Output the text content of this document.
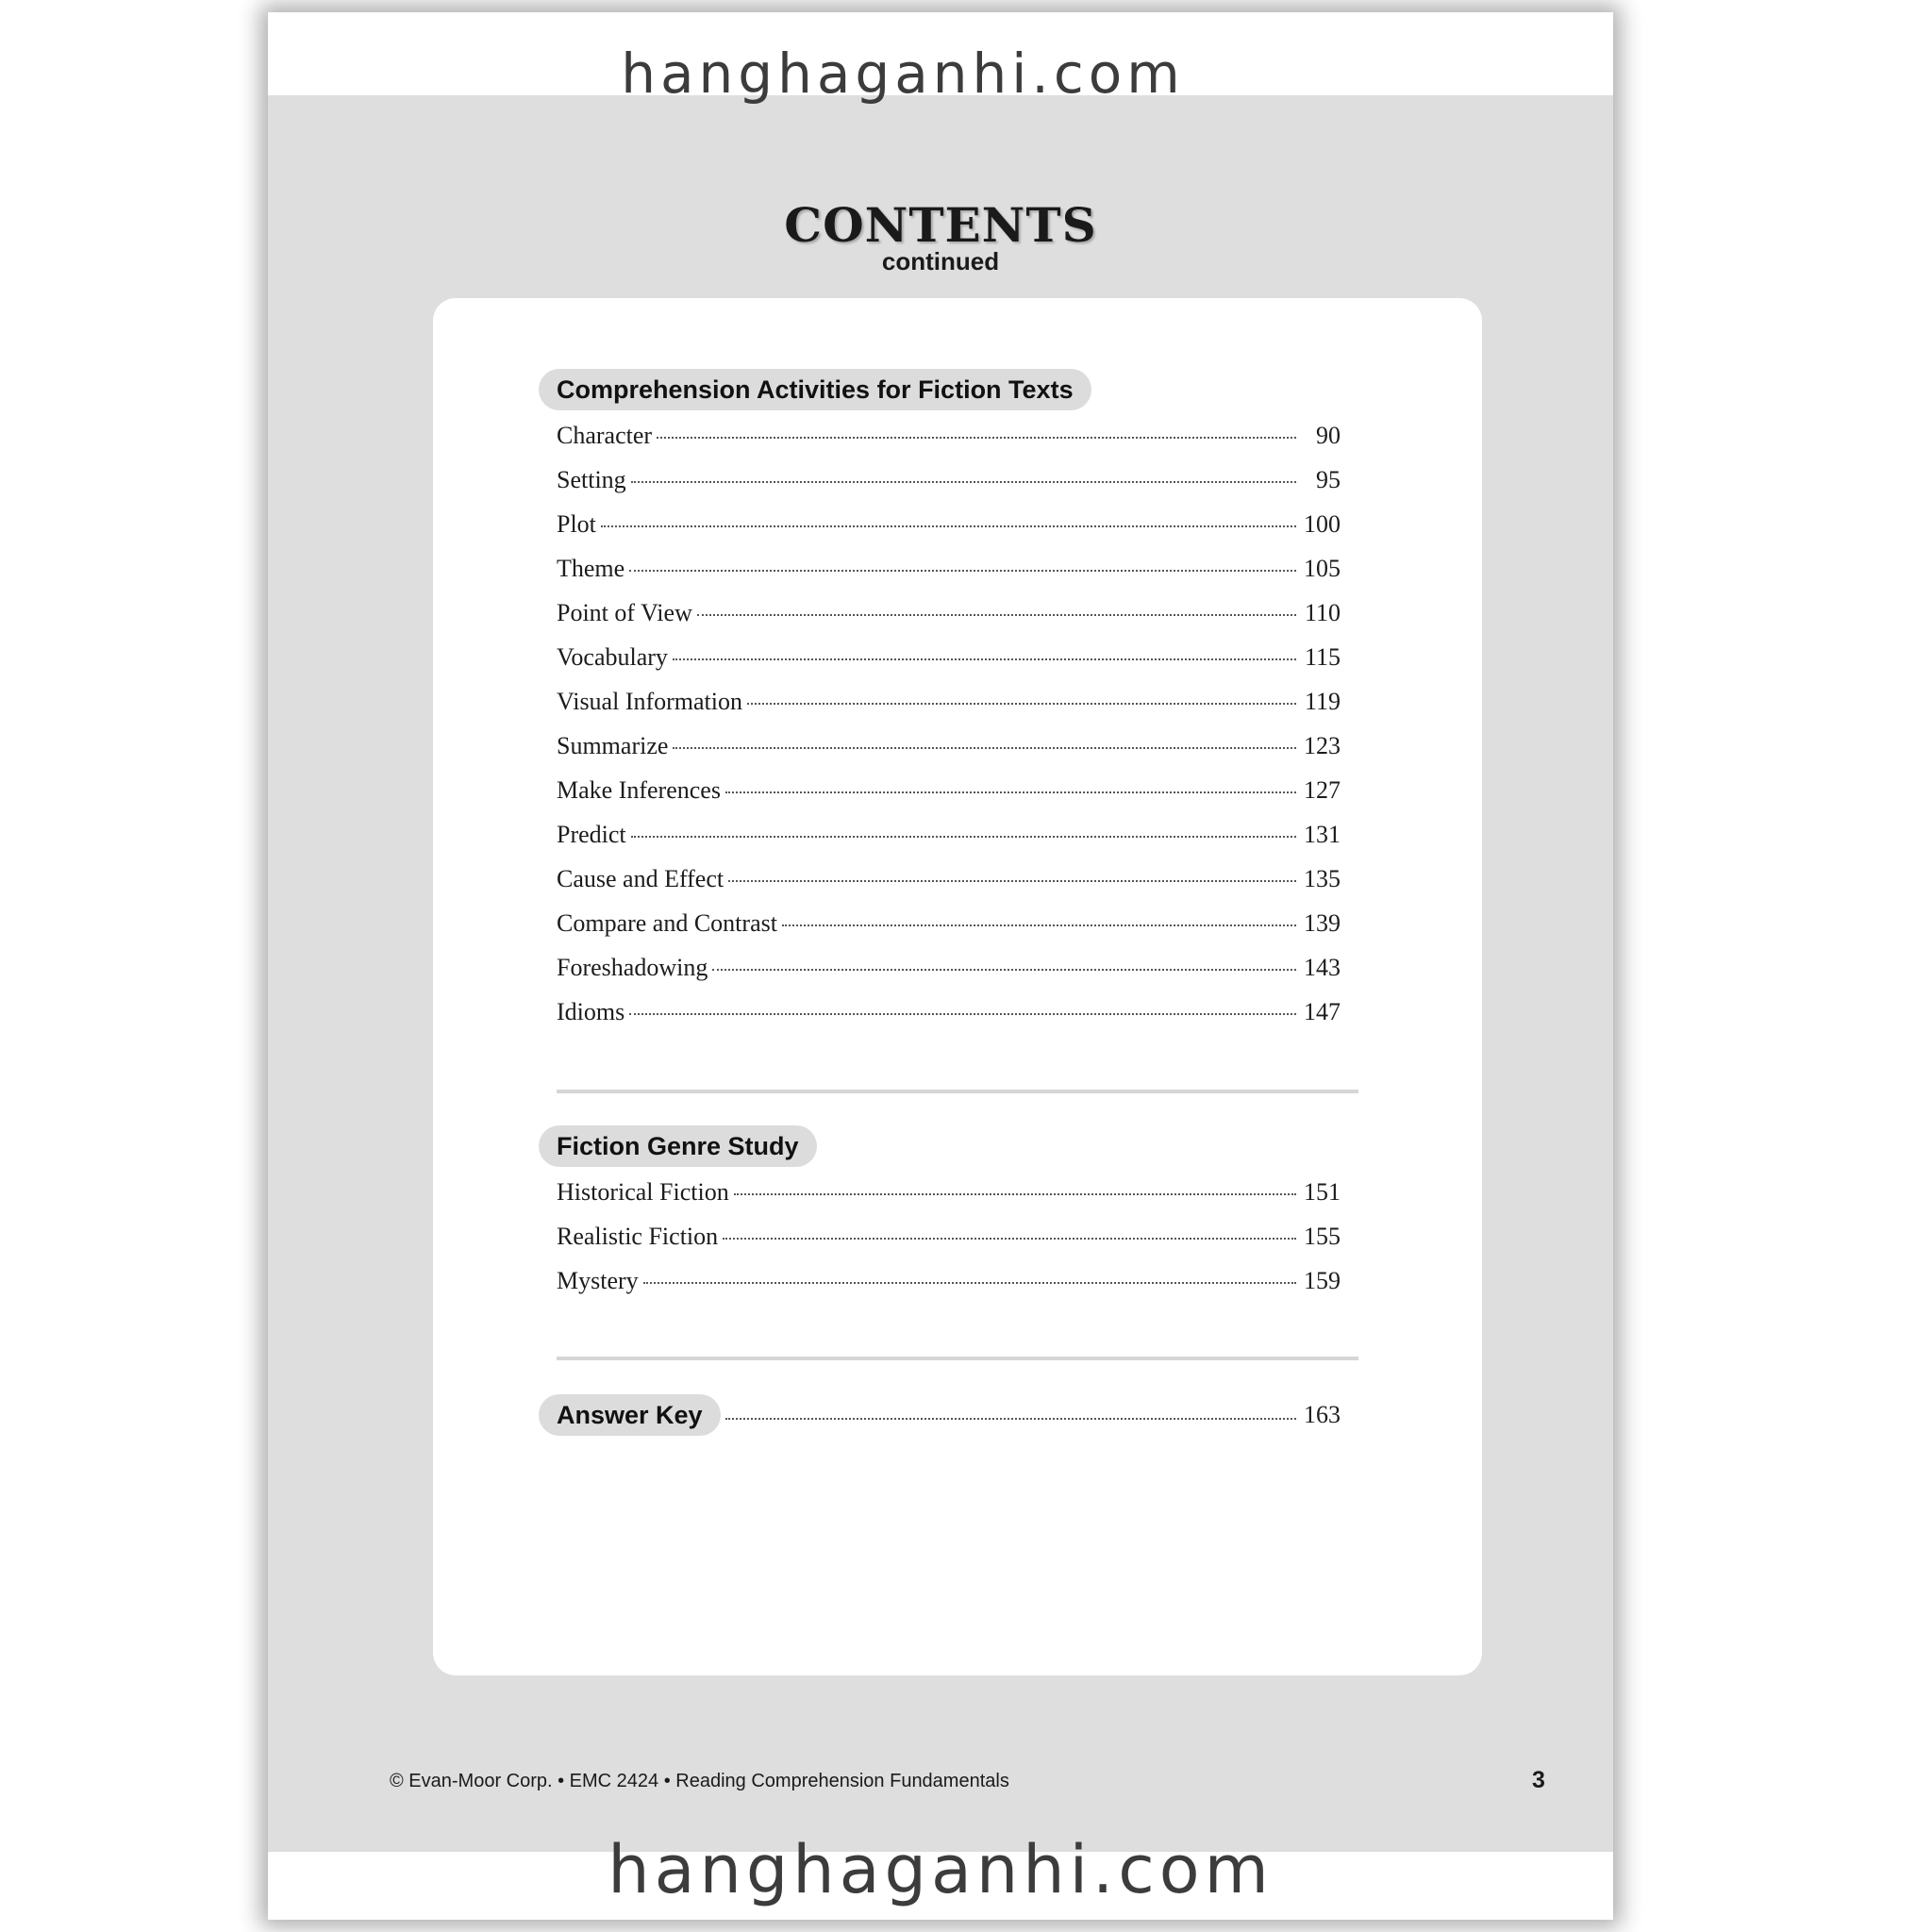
hanghaganhi.com
CONTENTS
continued
Comprehension Activities for Fiction Texts
Character	90
Setting	95
Plot	100
Theme	105
Point of View	110
Vocabulary	115
Visual Information	119
Summarize	123
Make Inferences	127
Predict	131
Cause and Effect	135
Compare and Contrast	139
Foreshadowing	143
Idioms	147
Fiction Genre Study
Historical Fiction	151
Realistic Fiction	155
Mystery	159
Answer Key	163
© Evan-Moor Corp. • EMC 2424 • Reading Comprehension Fundamentals	3
hanghaganhi.com
